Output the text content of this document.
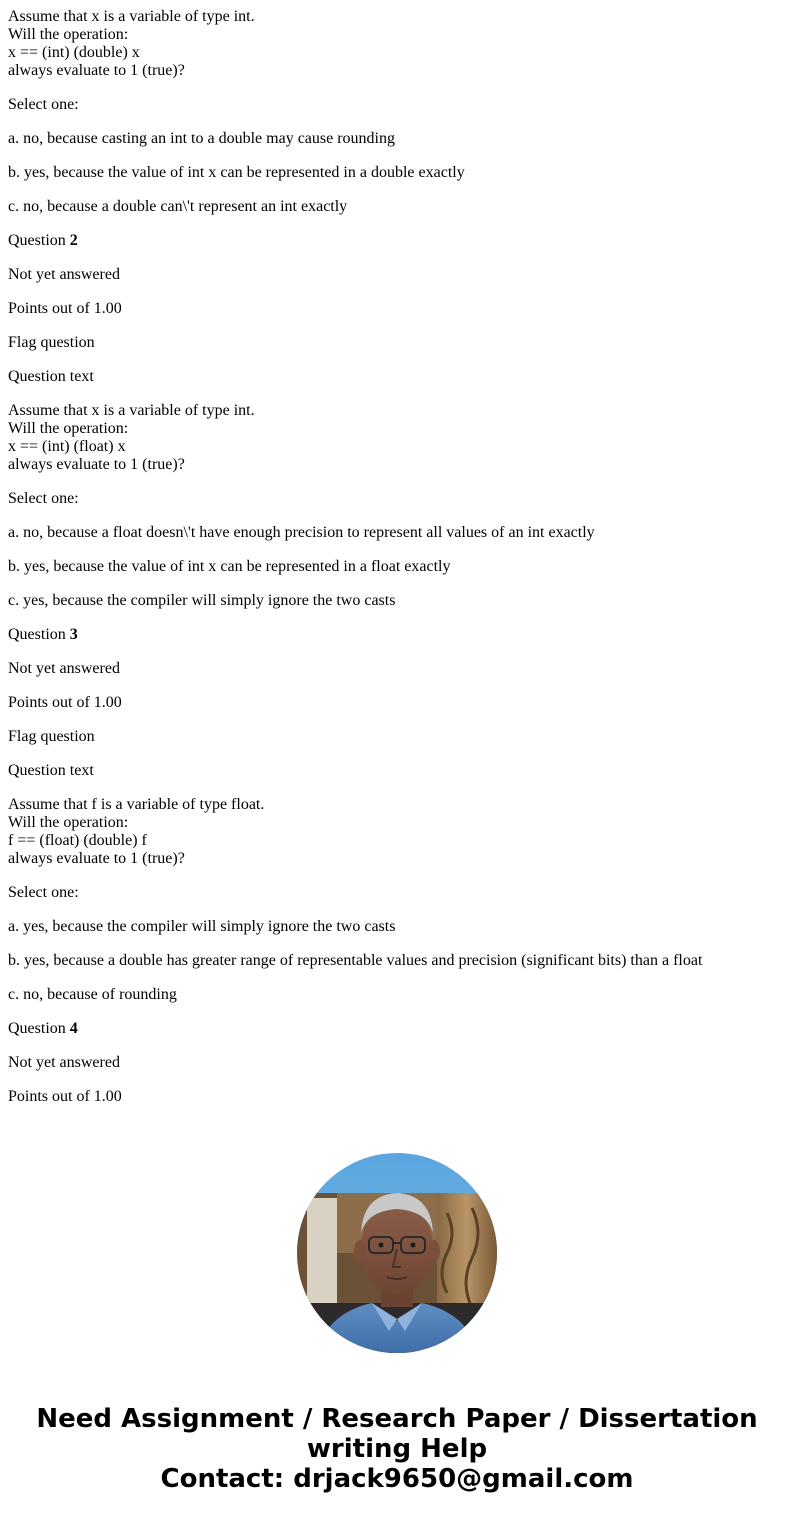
Assume that x is a variable of type int.
Will the operation:
x == (int) (double) x
always evaluate to 1 (true)?

Select one:

a. no, because casting an int to a double may cause rounding

b. yes, because the value of int x can be represented in a double exactly

c. no, because a double can\'t represent an int exactly

Question 2

Not yet answered

Points out of 1.00

Flag question

Question text

Assume that x is a variable of type int.
Will the operation:
x == (int) (float) x
always evaluate to 1 (true)?

Select one:

a. no, because a float doesn\'t have enough precision to represent all values of an int exactly

b. yes, because the value of int x can be represented in a float exactly

c. yes, because the compiler will simply ignore the two casts

Question 3

Not yet answered

Points out of 1.00

Flag question

Question text

Assume that f is a variable of type float.
Will the operation:
f == (float) (double) f
always evaluate to 1 (true)?

Select one:

a. yes, because the compiler will simply ignore the two casts

b. yes, because a double has greater range of representable values and precision (significant bits) than a float

c. no, because of rounding

Question 4

Not yet answered

Points out of 1.00

Need Assignment / Research Paper / Dissertation
writing Help
Contact: drjack9650@gmail.com
